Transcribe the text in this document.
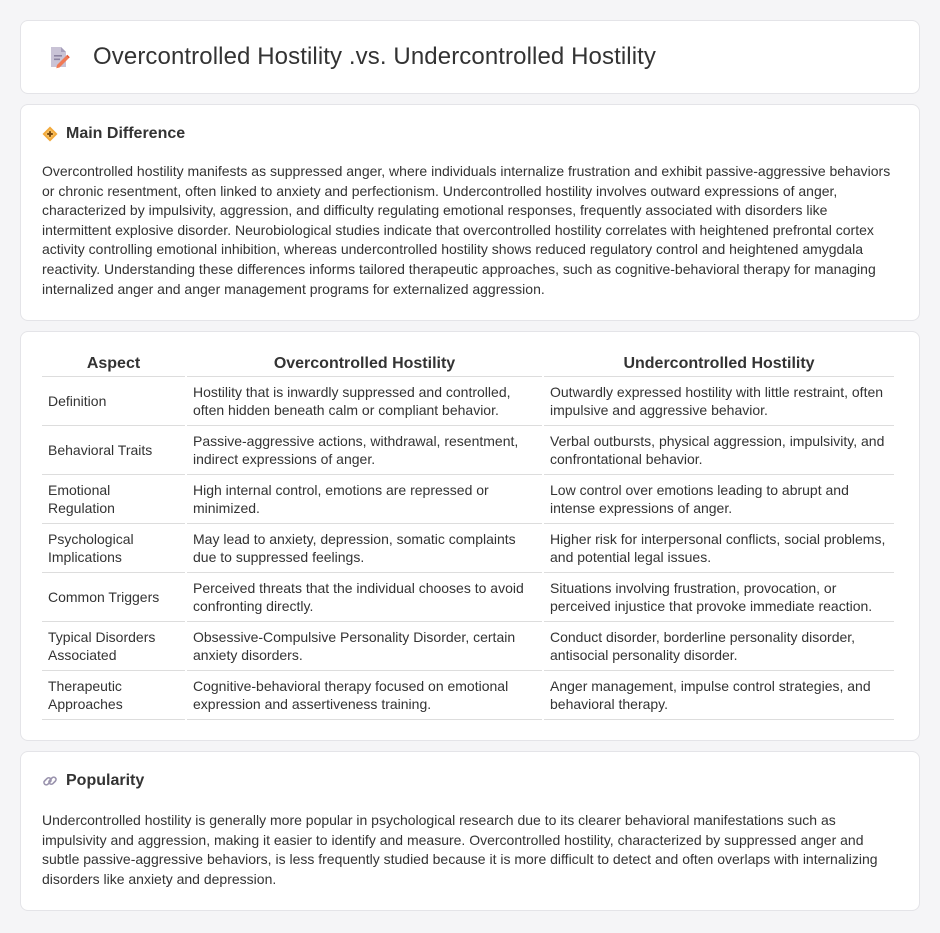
Overcontrolled Hostility .vs. Undercontrolled Hostility
Main Difference

Overcontrolled hostility manifests as suppressed anger, where individuals internalize frustration and exhibit passive-aggressive behaviors or chronic resentment, often linked to anxiety and perfectionism. Undercontrolled hostility involves outward expressions of anger, characterized by impulsivity, aggression, and difficulty regulating emotional responses, frequently associated with disorders like intermittent explosive disorder. Neurobiological studies indicate that overcontrolled hostility correlates with heightened prefrontal cortex activity controlling emotional inhibition, whereas undercontrolled hostility shows reduced regulatory control and heightened amygdala reactivity. Understanding these differences informs tailored therapeutic approaches, such as cognitive-behavioral therapy for managing internalized anger and anger management programs for externalized aggression.

Aspect	Overcontrolled Hostility	Undercontrolled Hostility
Definition	Hostility that is inwardly suppressed and controlled, often hidden beneath calm or compliant behavior.	Outwardly expressed hostility with little restraint, often impulsive and aggressive behavior.
Behavioral Traits	Passive-aggressive actions, withdrawal, resentment, indirect expressions of anger.	Verbal outbursts, physical aggression, impulsivity, and confrontational behavior.
Emotional Regulation	High internal control, emotions are repressed or minimized.	Low control over emotions leading to abrupt and intense expressions of anger.
Psychological Implications	May lead to anxiety, depression, somatic complaints due to suppressed feelings.	Higher risk for interpersonal conflicts, social problems, and potential legal issues.
Common Triggers	Perceived threats that the individual chooses to avoid confronting directly.	Situations involving frustration, provocation, or perceived injustice that provoke immediate reaction.
Typical Disorders Associated	Obsessive-Compulsive Personality Disorder, certain anxiety disorders.	Conduct disorder, borderline personality disorder, antisocial personality disorder.
Therapeutic Approaches	Cognitive-behavioral therapy focused on emotional expression and assertiveness training.	Anger management, impulse control strategies, and behavioral therapy.
Popularity

Undercontrolled hostility is generally more popular in psychological research due to its clearer behavioral manifestations such as impulsivity and aggression, making it easier to identify and measure. Overcontrolled hostility, characterized by suppressed anger and subtle passive-aggressive behaviors, is less frequently studied because it is more difficult to detect and often overlaps with internalizing disorders like anxiety and depression.
